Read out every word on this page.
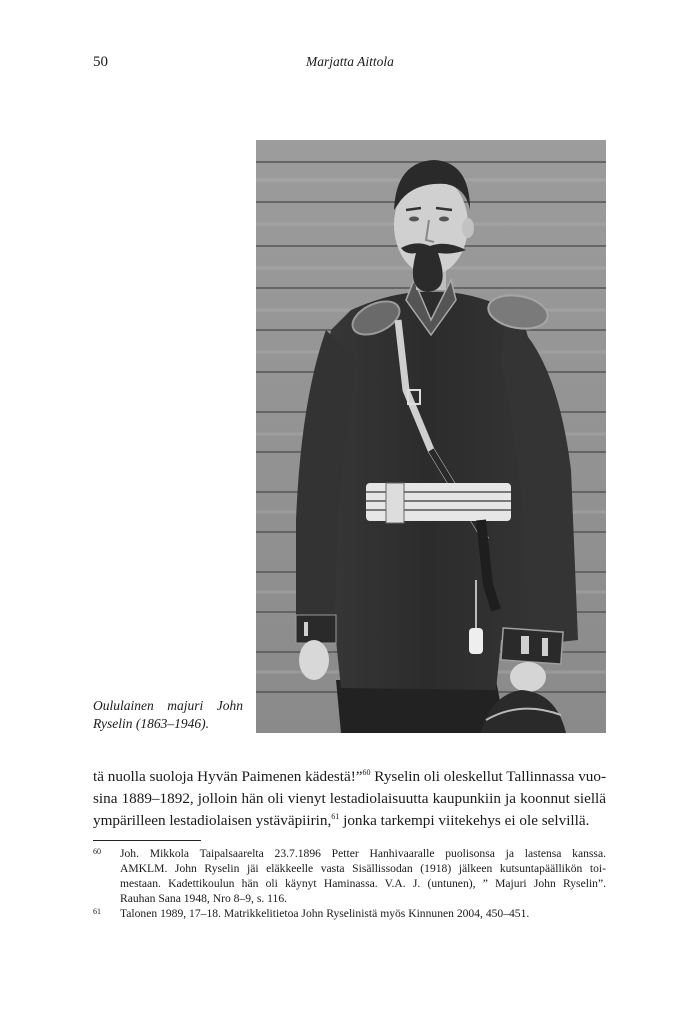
50	Marjatta Aittola
Oululainen majuri John
Ryselin (1863–1946).
tä nuolla suoloja Hyvän Paimenen kädestä!”$^{60}$ Ryselin oli oleskellut Tallinnassa vuo-
sina 1889–1892, jolloin hän oli vienyt lestadiolaisuutta kaupunkiin ja koonnut siellä
ympärilleen lestadiolaisen ystäväpiirin,$^{61}$ jonka tarkempi viitekehys ei ole selvillä.
60 Joh. Mikkola Taipalsaarelta 23.7.1896 Petter Hanhivaaralle puolisonsa ja lastensa kanssa.
AMKLM. John Ryselin jäi eläkkeelle vasta Sisällissodan (1918) jälkeen kutsuntapäällikön toi-
mestaan. Kadettikoulun hän oli käynyt Haminassa. V.A. J. (untunen), ” Majuri John Ryselin”.
Rauhan Sana 1948, Nro 8–9, s. 116.
61 Talonen 1989, 17–18. Matrikkelitietoa John Ryselinistä myös Kinnunen 2004, 450–451.
